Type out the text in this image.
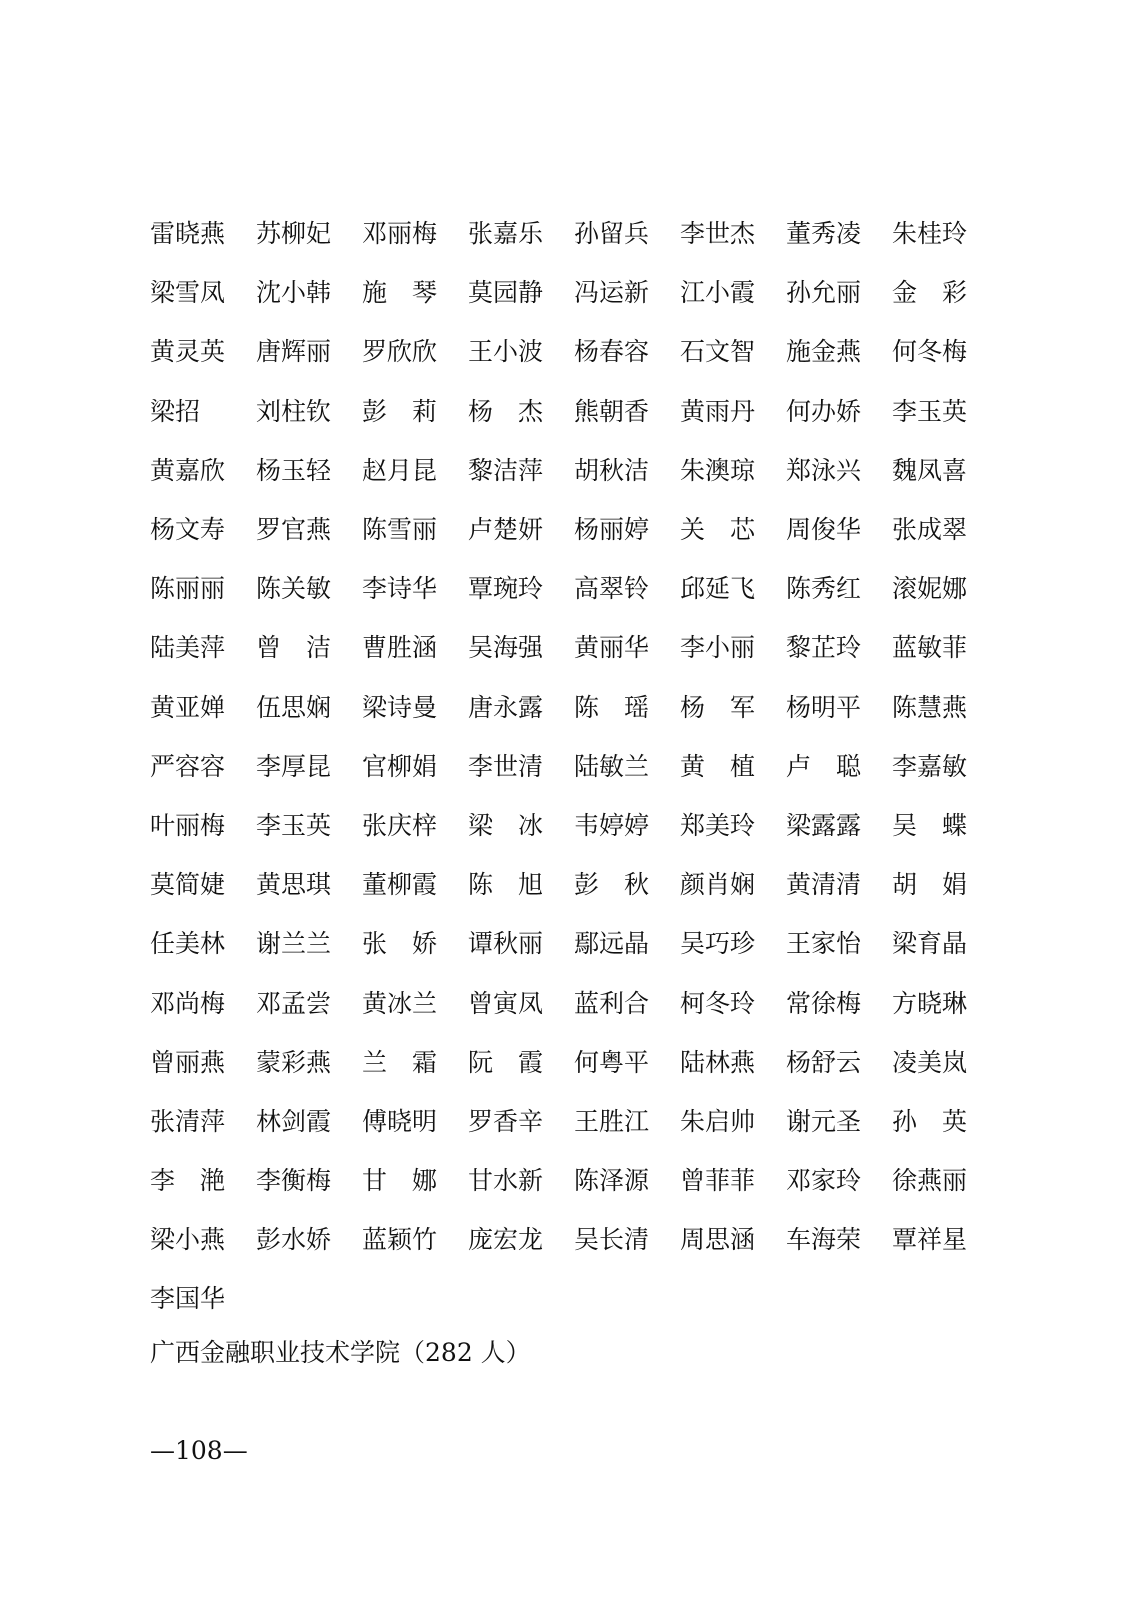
雷晓燕	苏柳妃	邓丽梅	张嘉乐	孙留兵	李世杰	董秀凌	朱桂玲
梁雪凤	沈小韩	施　琴	莫园静	冯运新	江小霞	孙允丽	金　彩
黄灵英	唐辉丽	罗欣欣	王小波	杨春容	石文智	施金燕	何冬梅
梁招	刘柱钦	彭　莉	杨　杰	熊朝香	黄雨丹	何办娇	李玉英
黄嘉欣	杨玉轻	赵月昆	黎洁萍	胡秋洁	朱澳琼	郑泳兴	魏凤喜
杨文寿	罗官燕	陈雪丽	卢楚妍	杨丽婷	关　芯	周俊华	张成翠
陈丽丽	陈关敏	李诗华	覃琬玲	高翠铃	邱延飞	陈秀红	滚妮娜
陆美萍	曾　洁	曹胜涵	吴海强	黄丽华	李小丽	黎芷玲	蓝敏菲
黄亚婵	伍思娴	梁诗曼	唐永露	陈　瑶	杨　军	杨明平	陈慧燕
严容容	李厚昆	官柳娟	李世清	陆敏兰	黄　植	卢　聪	李嘉敏
叶丽梅	李玉英	张庆梓	梁　冰	韦婷婷	郑美玲	梁露露	吴　蝶
莫简婕	黄思琪	董柳霞	陈　旭	彭　秋	颜肖娴	黄清清	胡　娟
任美林	谢兰兰	张　娇	谭秋丽	鄢远晶	吴巧珍	王家怡	梁育晶
邓尚梅	邓孟尝	黄冰兰	曾寅凤	蓝利合	柯冬玲	常徐梅	方晓琳
曾丽燕	蒙彩燕	兰　霜	阮　霞	何粤平	陆林燕	杨舒云	凌美岚
张清萍	林剑霞	傅晓明	罗香辛	王胜江	朱启帅	谢元圣	孙　英
李　滟	李衡梅	甘　娜	甘水新	陈泽源	曾菲菲	邓家玲	徐燕丽
梁小燕	彭水娇	蓝颖竹	庞宏龙	吴长清	周思涵	车海荣	覃祥星
李国华
广西金融职业技术学院（282 人）
—108—
